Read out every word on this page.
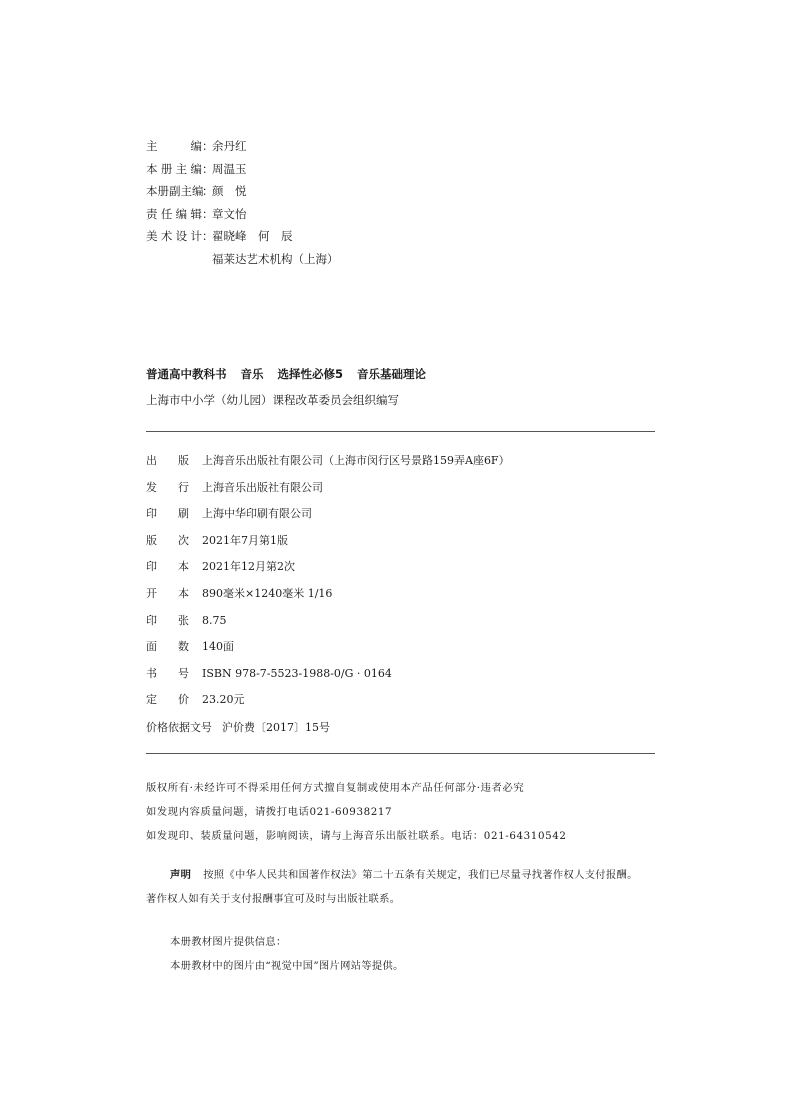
主编 ：
余丹红
本册主编 ：
周温玉
本册副主编
：
颜　悦
责任编辑 ：
章文怡
美术设计 ：
翟晓峰　何　辰
福莱达艺术机构（上海）
普通高中教科书 音乐 选择性必修5 音乐基础理论
上海市中小学（幼儿园）课程改革委员会组织编写
出版 上海音乐出版社有限公司（上海市闵行区号景路159弄A座6F）
发行 上海音乐出版社有限公司
印刷 上海中华印刷有限公司
版次 2021年7月第1版
印本 2021年12月第2次
开本 890毫米×1240毫米 1/16
印张 8.75
面数 140面
书号 ISBN 978-7-5523-1988-0/G · 0164
定价 23.20元
价格依据文号 沪价费〔2017〕15号
版权所有·未经许可不得采用任何方式擅自复制或使用本产品任何部分·违者必究
如发现内容质量问题，请拨打电话021-60938217
如发现印、装质量问题，影响阅读，请与上海音乐出版社联系。电话：021-64310542
声明 按照《中华人民共和国著作权法》第二十五条有关规定，我们已尽量寻找著作权人支付报酬。
著作权人如有关于支付报酬事宜可及时与出版社联系。
本册教材图片提供信息：
本册教材中的图片由“视觉中国”图片网站等提供。
